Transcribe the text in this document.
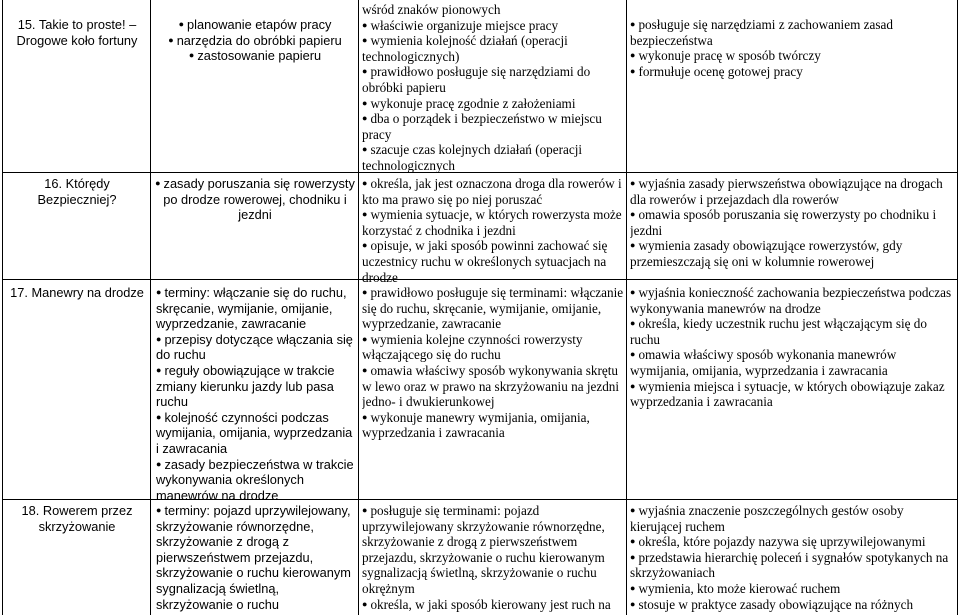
15. Takie to proste! – Drogowe koło fortuny
● planowanie etapów pracy
● narzędzia do obróbki papieru
● zastosowanie papieru
wśród znaków pionowych
● właściwie organizuje miejsce pracy
● wymienia kolejność działań (operacji technologicznych)
● prawidłowo posługuje się narzędziami do obróbki papieru
● wykonuje pracę zgodnie z założeniami
● dba o porządek i bezpieczeństwo w miejscu pracy
● szacuje czas kolejnych działań (operacji technologicznych
● posługuje się narzędziami z zachowaniem zasad bezpieczeństwa
● wykonuje pracę w sposób twórczy
● formułuje ocenę gotowej pracy
16. Którędy Bezpieczniej?
● zasady poruszania się rowerzysty po drodze rowerowej, chodniku i jezdni
● określa, jak jest oznaczona droga dla rowerów i kto ma prawo się po niej poruszać
● wymienia sytuacje, w których rowerzysta może korzystać z chodnika i jezdni
● opisuje, w jaki sposób powinni zachować się uczestnicy ruchu w określonych sytuacjach na drodze
● wyjaśnia zasady pierwszeństwa obowiązujące na drogach dla rowerów i przejazdach dla rowerów
● omawia sposób poruszania się rowerzysty po chodniku i jezdni
● wymienia zasady obowiązujące rowerzystów, gdy przemieszczają się oni w kolumnie rowerowej
17. Manewry na drodze	● terminy: włączanie się do ruchu, skręcanie, wymijanie, omijanie, wyprzedzanie, zawracanie
● przepisy dotyczące włączania się do ruchu
● reguły obowiązujące w trakcie zmiany kierunku jazdy lub pasa ruchu
● kolejność czynności podczas wymijania, omijania, wyprzedzania i zawracania
● zasady bezpieczeństwa w trakcie wykonywania określonych manewrów na drodze
● prawidłowo posługuje się terminami: włączanie się do ruchu, skręcanie, wymijanie, omijanie, wyprzedzanie, zawracanie
● wymienia kolejne czynności rowerzysty włączającego się do ruchu
● omawia właściwy sposób wykonywania skrętu w lewo oraz w prawo na skrzyżowaniu na jezdni jedno- i dwukierunkowej
● wykonuje manewry wymijania, omijania, wyprzedzania i zawracania
● wyjaśnia konieczność zachowania bezpieczeństwa podczas wykonywania manewrów na drodze
● określa, kiedy uczestnik ruchu jest włączającym się do ruchu
● omawia właściwy sposób wykonania manewrów wymijania, omijania, wyprzedzania i zawracania
● wymienia miejsca i sytuacje, w których obowiązuje zakaz wyprzedzania i zawracania
18. Rowerem przez skrzyżowanie
● terminy: pojazd uprzywilejowany, skrzyżowanie równorzędne, skrzyżowanie z drogą z pierwszeństwem przejazdu, skrzyżowanie o ruchu kierowanym sygnalizacją świetlną, skrzyżowanie o ruchu
● posługuje się terminami: pojazd uprzywilejowany skrzyżowanie równorzędne, skrzyżowanie z drogą z pierwszeństwem przejazdu, skrzyżowanie o ruchu kierowanym sygnalizacją świetlną, skrzyżowanie o ruchu okrężnym
● określa, w jaki sposób kierowany jest ruch na
● wyjaśnia znaczenie poszczególnych gestów osoby kierującej ruchem
● określa, które pojazdy nazywa się uprzywilejowanymi
● przedstawia hierarchię poleceń i sygnałów spotykanych na skrzyżowaniach
● wymienia, kto może kierować ruchem
● stosuje w praktyce zasady obowiązujące na różnych
